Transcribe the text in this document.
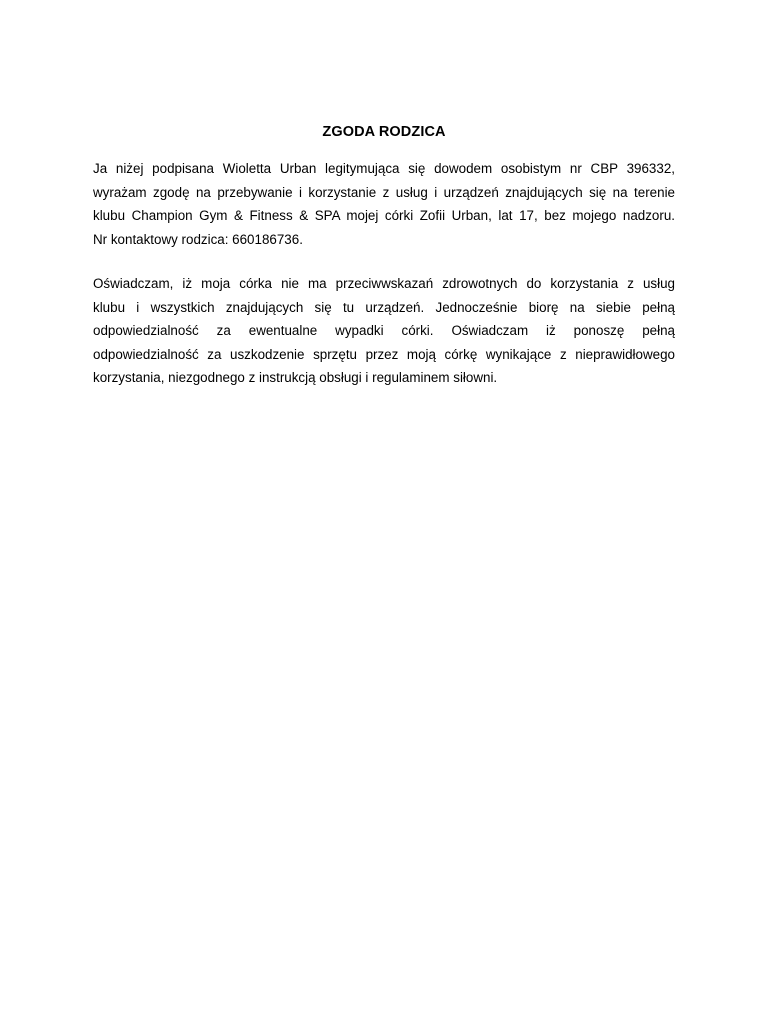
ZGODA RODZICA
Ja niżej podpisana Wioletta Urban legitymująca się dowodem osobistym nr CBP 396332,
wyrażam zgodę na przebywanie i korzystanie z usług i urządzeń znajdujących się na terenie
klubu Champion Gym & Fitness & SPA mojej córki Zofii Urban, lat 17, bez mojego nadzoru.
Nr kontaktowy rodzica: 660186736.
Oświadczam, iż moja córka nie ma przeciwwskazań zdrowotnych do korzystania z usług
klubu i wszystkich znajdujących się tu urządzeń. Jednocześnie biorę na siebie pełną
odpowiedzialność za ewentualne wypadki córki. Oświadczam iż ponoszę pełną
odpowiedzialność za uszkodzenie sprzętu przez moją córkę wynikające z nieprawidłowego
korzystania, niezgodnego z instrukcją obsługi i regulaminem siłowni.
